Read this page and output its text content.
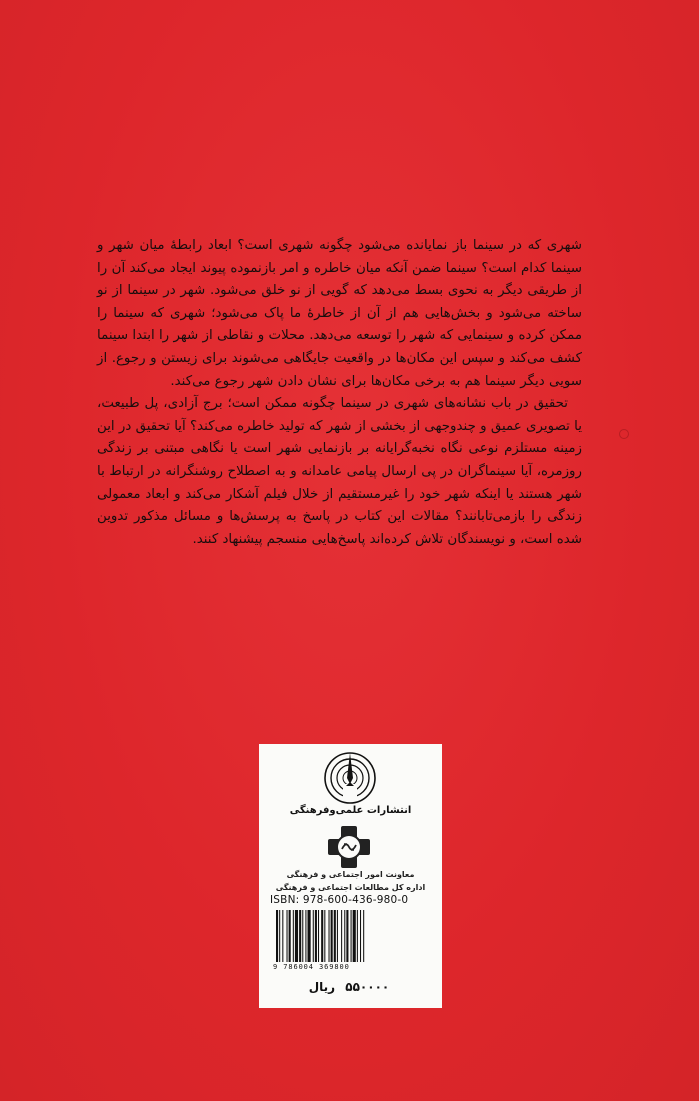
شهری که در سینما باز نمایانده می‌شود چگونه شهری است؟ ابعاد رابطهٔ میان شهر و سینما کدام است؟ سینما ضمن آنکه میان خاطره و امر بازنموده پیوند ایجاد می‌کند آن را از طریقی دیگر به نحوی بسط می‌دهد که گویی از نو خلق می‌شود. شهر در سینما از نو ساخته می‌شود و بخش‌هایی هم از آن از خاطرهٔ ما پاک می‌شود؛ شهری که سینما را ممکن کرده و سینمایی که شهر را توسعه می‌دهد. محلات و نقاطی از شهر را ابتدا سینما کشف می‌کند و سپس این مکان‌ها در واقعیت جایگاهی می‌شوند برای زیستن و رجوع. از سویی دیگر سینما هم به برخی مکان‌ها برای نشان دادن شهر رجوع می‌کند.

تحقیق در باب نشانه‌های شهری در سینما چگونه ممکن است؛ برج آزادی، پل طبیعت، یا تصویری عمیق و چندوجهی از بخشی از شهر که تولید خاطره می‌کند؟ آیا تحقیق در این زمینه مستلزم نوعی نگاه نخبه‌گرایانه بر بازنمایی شهر است یا نگاهی مبتنی بر زندگی روزمره، آیا سینماگران در پی ارسال پیامی عامدانه و به اصطلاح روشنگرانه در ارتباط با شهر هستند یا اینکه شهر خود را غیرمستقیم از خلال فیلم آشکار می‌کند و ابعاد معمولی زندگی را بازمی‌تابانند؟ مقالات این کتاب در پاسخ به پرسش‌ها و مسائل مذکور تدوین شده است، و نویسندگان تلاش کرده‌اند پاسخ‌هایی منسجم پیشنهاد کنند.

انتشارات علمی‌وفرهنگی
معاونت امور اجتماعی و فرهنگی
اداره کل مطالعات اجتماعی و فرهنگی
ISBN: 978-600-436-980-0
9 786004 369800
۵۵۰۰۰۰ ریال
